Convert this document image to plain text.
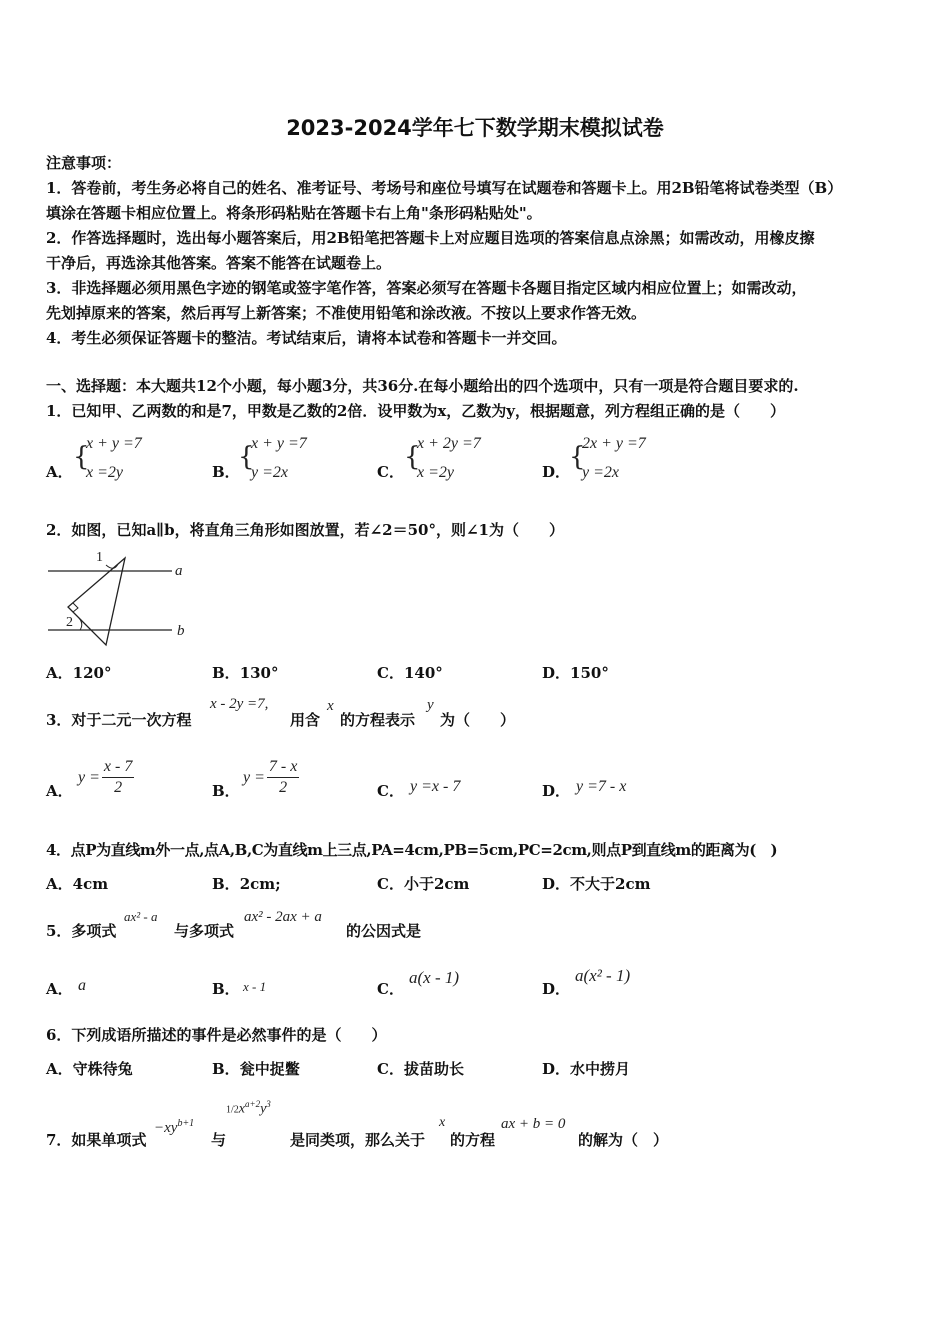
2023-2024学年七下数学期末模拟试卷
注意事项：
1．答卷前，考生务必将自己的姓名、准考证号、考场号和座位号填写在试题卷和答题卡上。用2B铅笔将试卷类型（B）
填涂在答题卡相应位置上。将条形码粘贴在答题卡右上角"条形码粘贴处"。
2．作答选择题时，选出每小题答案后，用2B铅笔把答题卡上对应题目选项的答案信息点涂黑；如需改动，用橡皮擦
干净后，再选涂其他答案。答案不能答在试题卷上。
3．非选择题必须用黑色字迹的钢笔或签字笔作答，答案必须写在答题卡各题目指定区域内相应位置上；如需改动，
先划掉原来的答案，然后再写上新答案；不准使用铅笔和涂改液。不按以上要求作答无效。
4．考生必须保证答题卡的整洁。考试结束后，请将本试卷和答题卡一并交回。
一、选择题：本大题共12个小题，每小题3分，共36分.在每小题给出的四个选项中，只有一项是符合题目要求的.
1．已知甲、乙两数的和是7，甲数是乙数的2倍．设甲数为x，乙数为y，根据题意，列方程组正确的是（　　）
A． {
x + y =7
x =2y	B．
{
x + y =7
y =2x	C． {
x + 2y =7
x =2y	D．
{
2x + y =7
y =2x
2．如图，已知a∥b，将直角三角形如图放置，若∠2＝50°，则∠1为（　　）
1
2
a
b
A．120°	B．130°	C．140°	D．150°
3．对于二元一次方程
x - 2y =7,
用含
x
的方程表示
y
为（　　）
A．
$y = \frac{x - 7}{2}$	B．
$y = \frac{7 - x}{2}$	C． y =x - 7	D． y =7 - x
4．点P为直线m外一点,点A,B,C为直线m上三点,PA=4cm,PB=5cm,PC=2cm,则点P到直线m的距离为(　)
A．4cm	B．2cm;	C．小于2cm	D．不大于2cm
5．多项式
ax² - a
与多项式
ax² - 2ax + a
的公因式是
A． a	B． x - 1	C．
a(x - 1)
D．
a(x² - 1)
6．下列成语所描述的事件是必然事件的是（　　）
A．守株待兔	B．瓮中捉鳖	C．拔苗助长	D．水中捞月
7．如果单项式
$-xy^{b+1}$
与
$1/2x^{a+2}y^3$
是同类项，那么关于
x
的方程
ax + b = 0
的解为（　）
